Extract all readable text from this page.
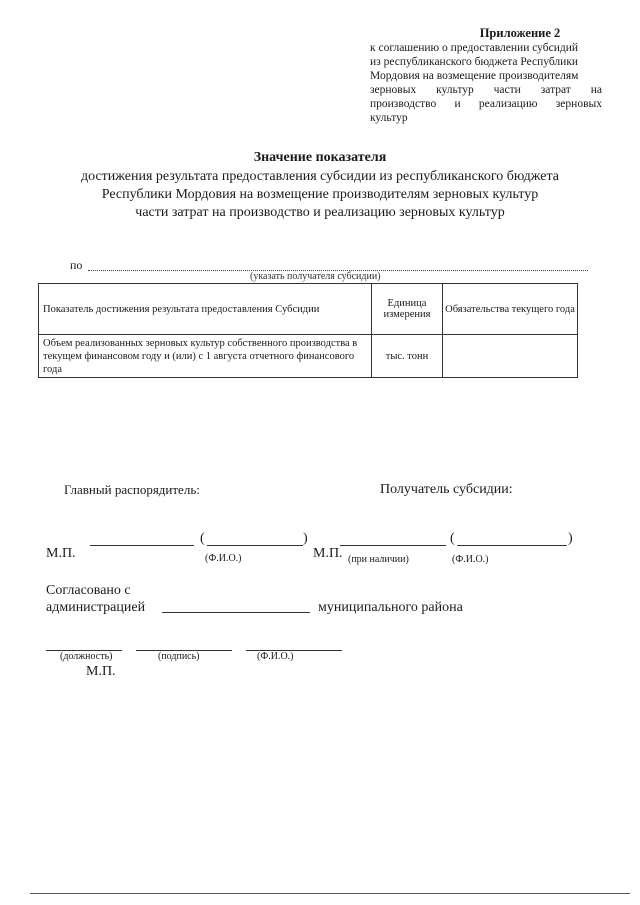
Приложение 2
к соглашению о предоставлении субсидий
из республиканского бюджета Республики
Мордовия на возмещение производителям
зерновых культур части затрат на
производство и реализацию зерновых
культур
Значение показателя
достижения результата предоставления субсидии из республиканского бюджета
Республики Мордовия на возмещение производителям зерновых культур
части затрат на производство и реализацию зерновых культур
по
(указать получателя субсидии)
Показатель достижения результата предоставления Субсидии	Единица измерения	Обязательства текущего года
Объем реализованных зерновых культур собственного производства в текущем финансовом году и (или) с 1 августа отчетного финансового года	тыс. тонн	
Главный распорядитель:	Получатель субсидии:
(	)
М.П.	(Ф.И.О.)
(	)
М.П. (при наличии)	(Ф.И.О.)
Согласовано с
администрацией	муниципального района
(должность)	(подпись)	(Ф.И.О.)
М.П.
